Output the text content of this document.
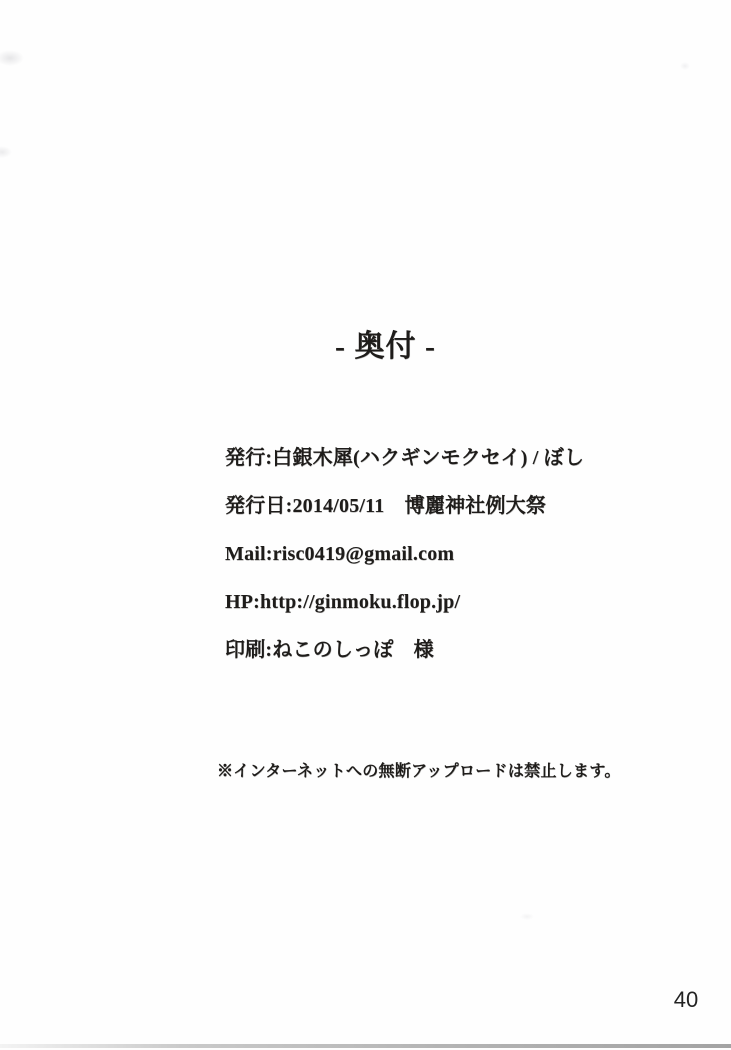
- 奥付 -
発行:白銀木犀(ハクギンモクセイ) / ぼし
発行日:2014/05/11　博麗神社例大祭
Mail:risc0419@gmail.com
HP:http://ginmoku.flop.jp/
印刷:ねこのしっぽ　様
※インターネットへの無断アップロードは禁止します。
40
